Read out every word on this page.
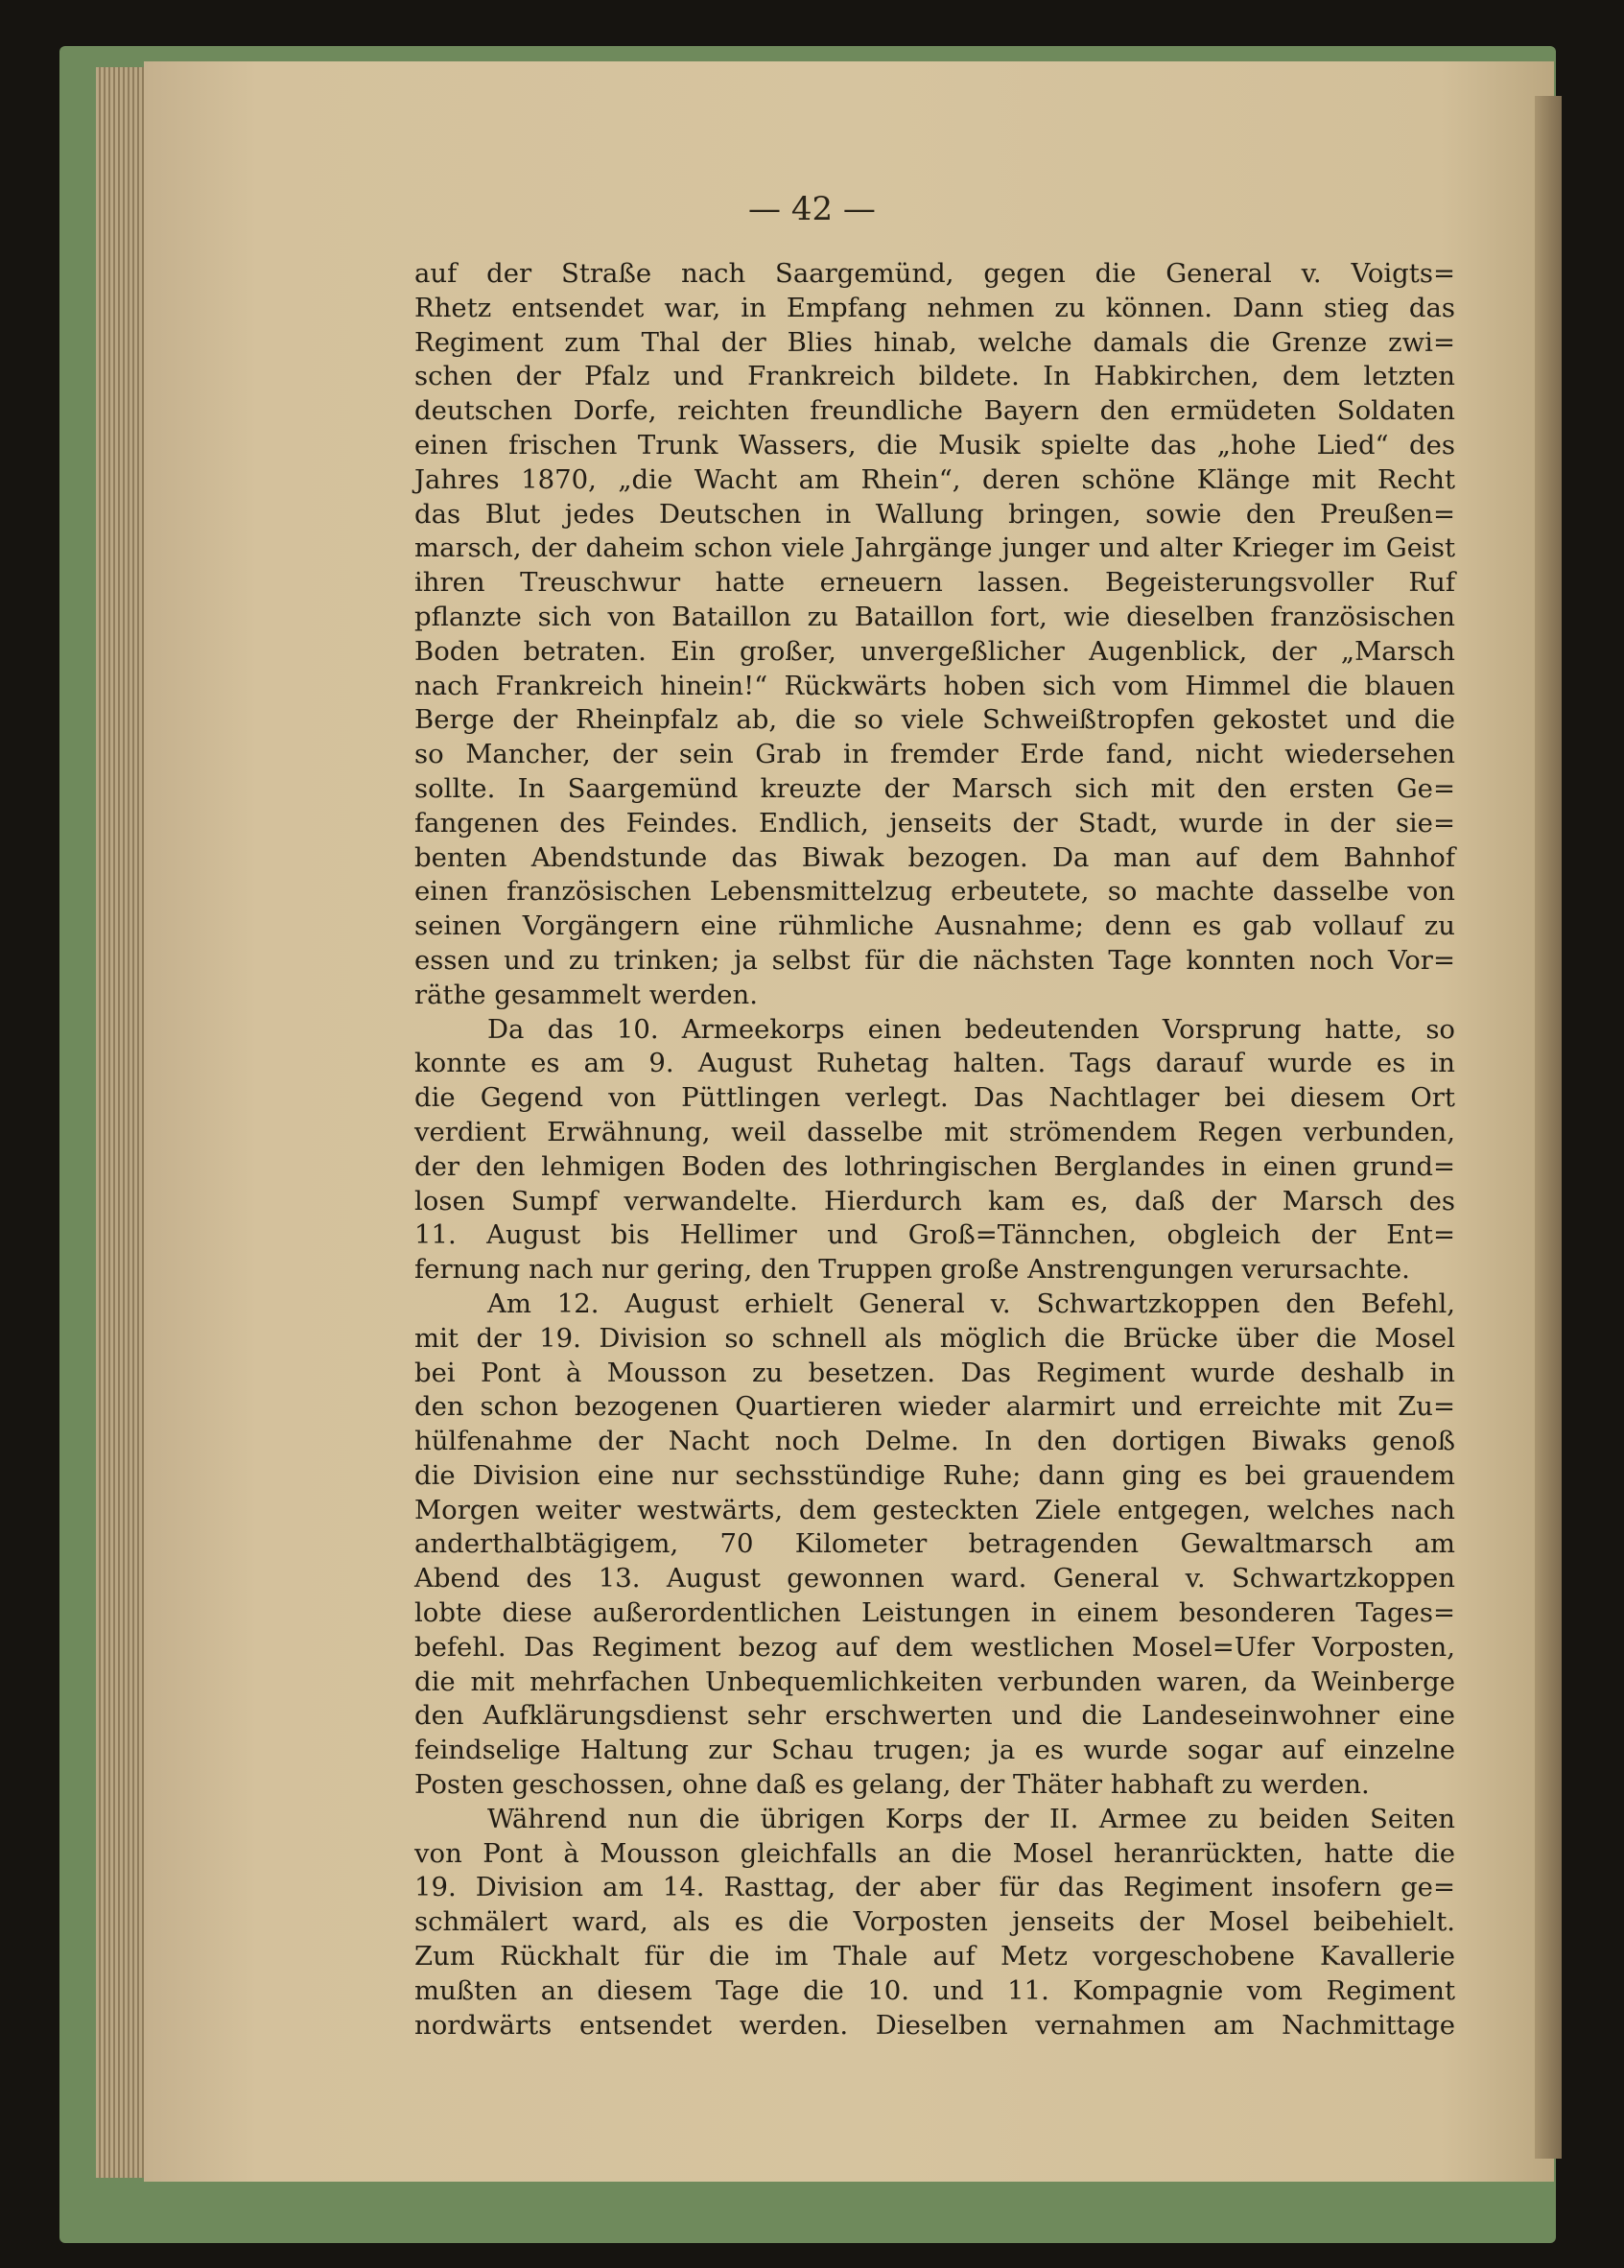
— 42 —
auf der Straße nach Saargemünd, gegen die General v. Voigts=
Rhetz entsendet war, in Empfang nehmen zu können. Dann stieg das
Regiment zum Thal der Blies hinab, welche damals die Grenze zwi=
schen der Pfalz und Frankreich bildete. In Habkirchen, dem letzten
deutschen Dorfe, reichten freundliche Bayern den ermüdeten Soldaten
einen frischen Trunk Wassers, die Musik spielte das „hohe Lied“ des
Jahres 1870, „die Wacht am Rhein“, deren schöne Klänge mit Recht
das Blut jedes Deutschen in Wallung bringen, sowie den Preußen=
marsch, der daheim schon viele Jahrgänge junger und alter Krieger im Geist
ihren Treuschwur hatte erneuern lassen. Begeisterungsvoller Ruf
pflanzte sich von Bataillon zu Bataillon fort, wie dieselben französischen
Boden betraten. Ein großer, unvergeßlicher Augenblick, der „Marsch
nach Frankreich hinein!“ Rückwärts hoben sich vom Himmel die blauen
Berge der Rheinpfalz ab, die so viele Schweißtropfen gekostet und die
so Mancher, der sein Grab in fremder Erde fand, nicht wiedersehen
sollte. In Saargemünd kreuzte der Marsch sich mit den ersten Ge=
fangenen des Feindes. Endlich, jenseits der Stadt, wurde in der sie=
benten Abendstunde das Biwak bezogen. Da man auf dem Bahnhof
einen französischen Lebensmittelzug erbeutete, so machte dasselbe von
seinen Vorgängern eine rühmliche Ausnahme; denn es gab vollauf zu
essen und zu trinken; ja selbst für die nächsten Tage konnten noch Vor=
räthe gesammelt werden.
Da das 10. Armeekorps einen bedeutenden Vorsprung hatte, so
konnte es am 9. August Ruhetag halten. Tags darauf wurde es in
die Gegend von Püttlingen verlegt. Das Nachtlager bei diesem Ort
verdient Erwähnung, weil dasselbe mit strömendem Regen verbunden,
der den lehmigen Boden des lothringischen Berglandes in einen grund=
losen Sumpf verwandelte. Hierdurch kam es, daß der Marsch des
11. August bis Hellimer und Groß=Tännchen, obgleich der Ent=
fernung nach nur gering, den Truppen große Anstrengungen verursachte.
Am 12. August erhielt General v. Schwartzkoppen den Befehl,
mit der 19. Division so schnell als möglich die Brücke über die Mosel
bei Pont à Mousson zu besetzen. Das Regiment wurde deshalb in
den schon bezogenen Quartieren wieder alarmirt und erreichte mit Zu=
hülfenahme der Nacht noch Delme. In den dortigen Biwaks genoß
die Division eine nur sechsstündige Ruhe; dann ging es bei grauendem
Morgen weiter westwärts, dem gesteckten Ziele entgegen, welches nach
anderthalbtägigem, 70 Kilometer betragenden Gewaltmarsch am
Abend des 13. August gewonnen ward. General v. Schwartzkoppen
lobte diese außerordentlichen Leistungen in einem besonderen Tages=
befehl. Das Regiment bezog auf dem westlichen Mosel=Ufer Vorposten,
die mit mehrfachen Unbequemlichkeiten verbunden waren, da Weinberge
den Aufklärungsdienst sehr erschwerten und die Landeseinwohner eine
feindselige Haltung zur Schau trugen; ja es wurde sogar auf einzelne
Posten geschossen, ohne daß es gelang, der Thäter habhaft zu werden.
Während nun die übrigen Korps der II. Armee zu beiden Seiten
von Pont à Mousson gleichfalls an die Mosel heranrückten, hatte die
19. Division am 14. Rasttag, der aber für das Regiment insofern ge=
schmälert ward, als es die Vorposten jenseits der Mosel beibehielt.
Zum Rückhalt für die im Thale auf Metz vorgeschobene Kavallerie
mußten an diesem Tage die 10. und 11. Kompagnie vom Regiment
nordwärts entsendet werden. Dieselben vernahmen am Nachmittage
